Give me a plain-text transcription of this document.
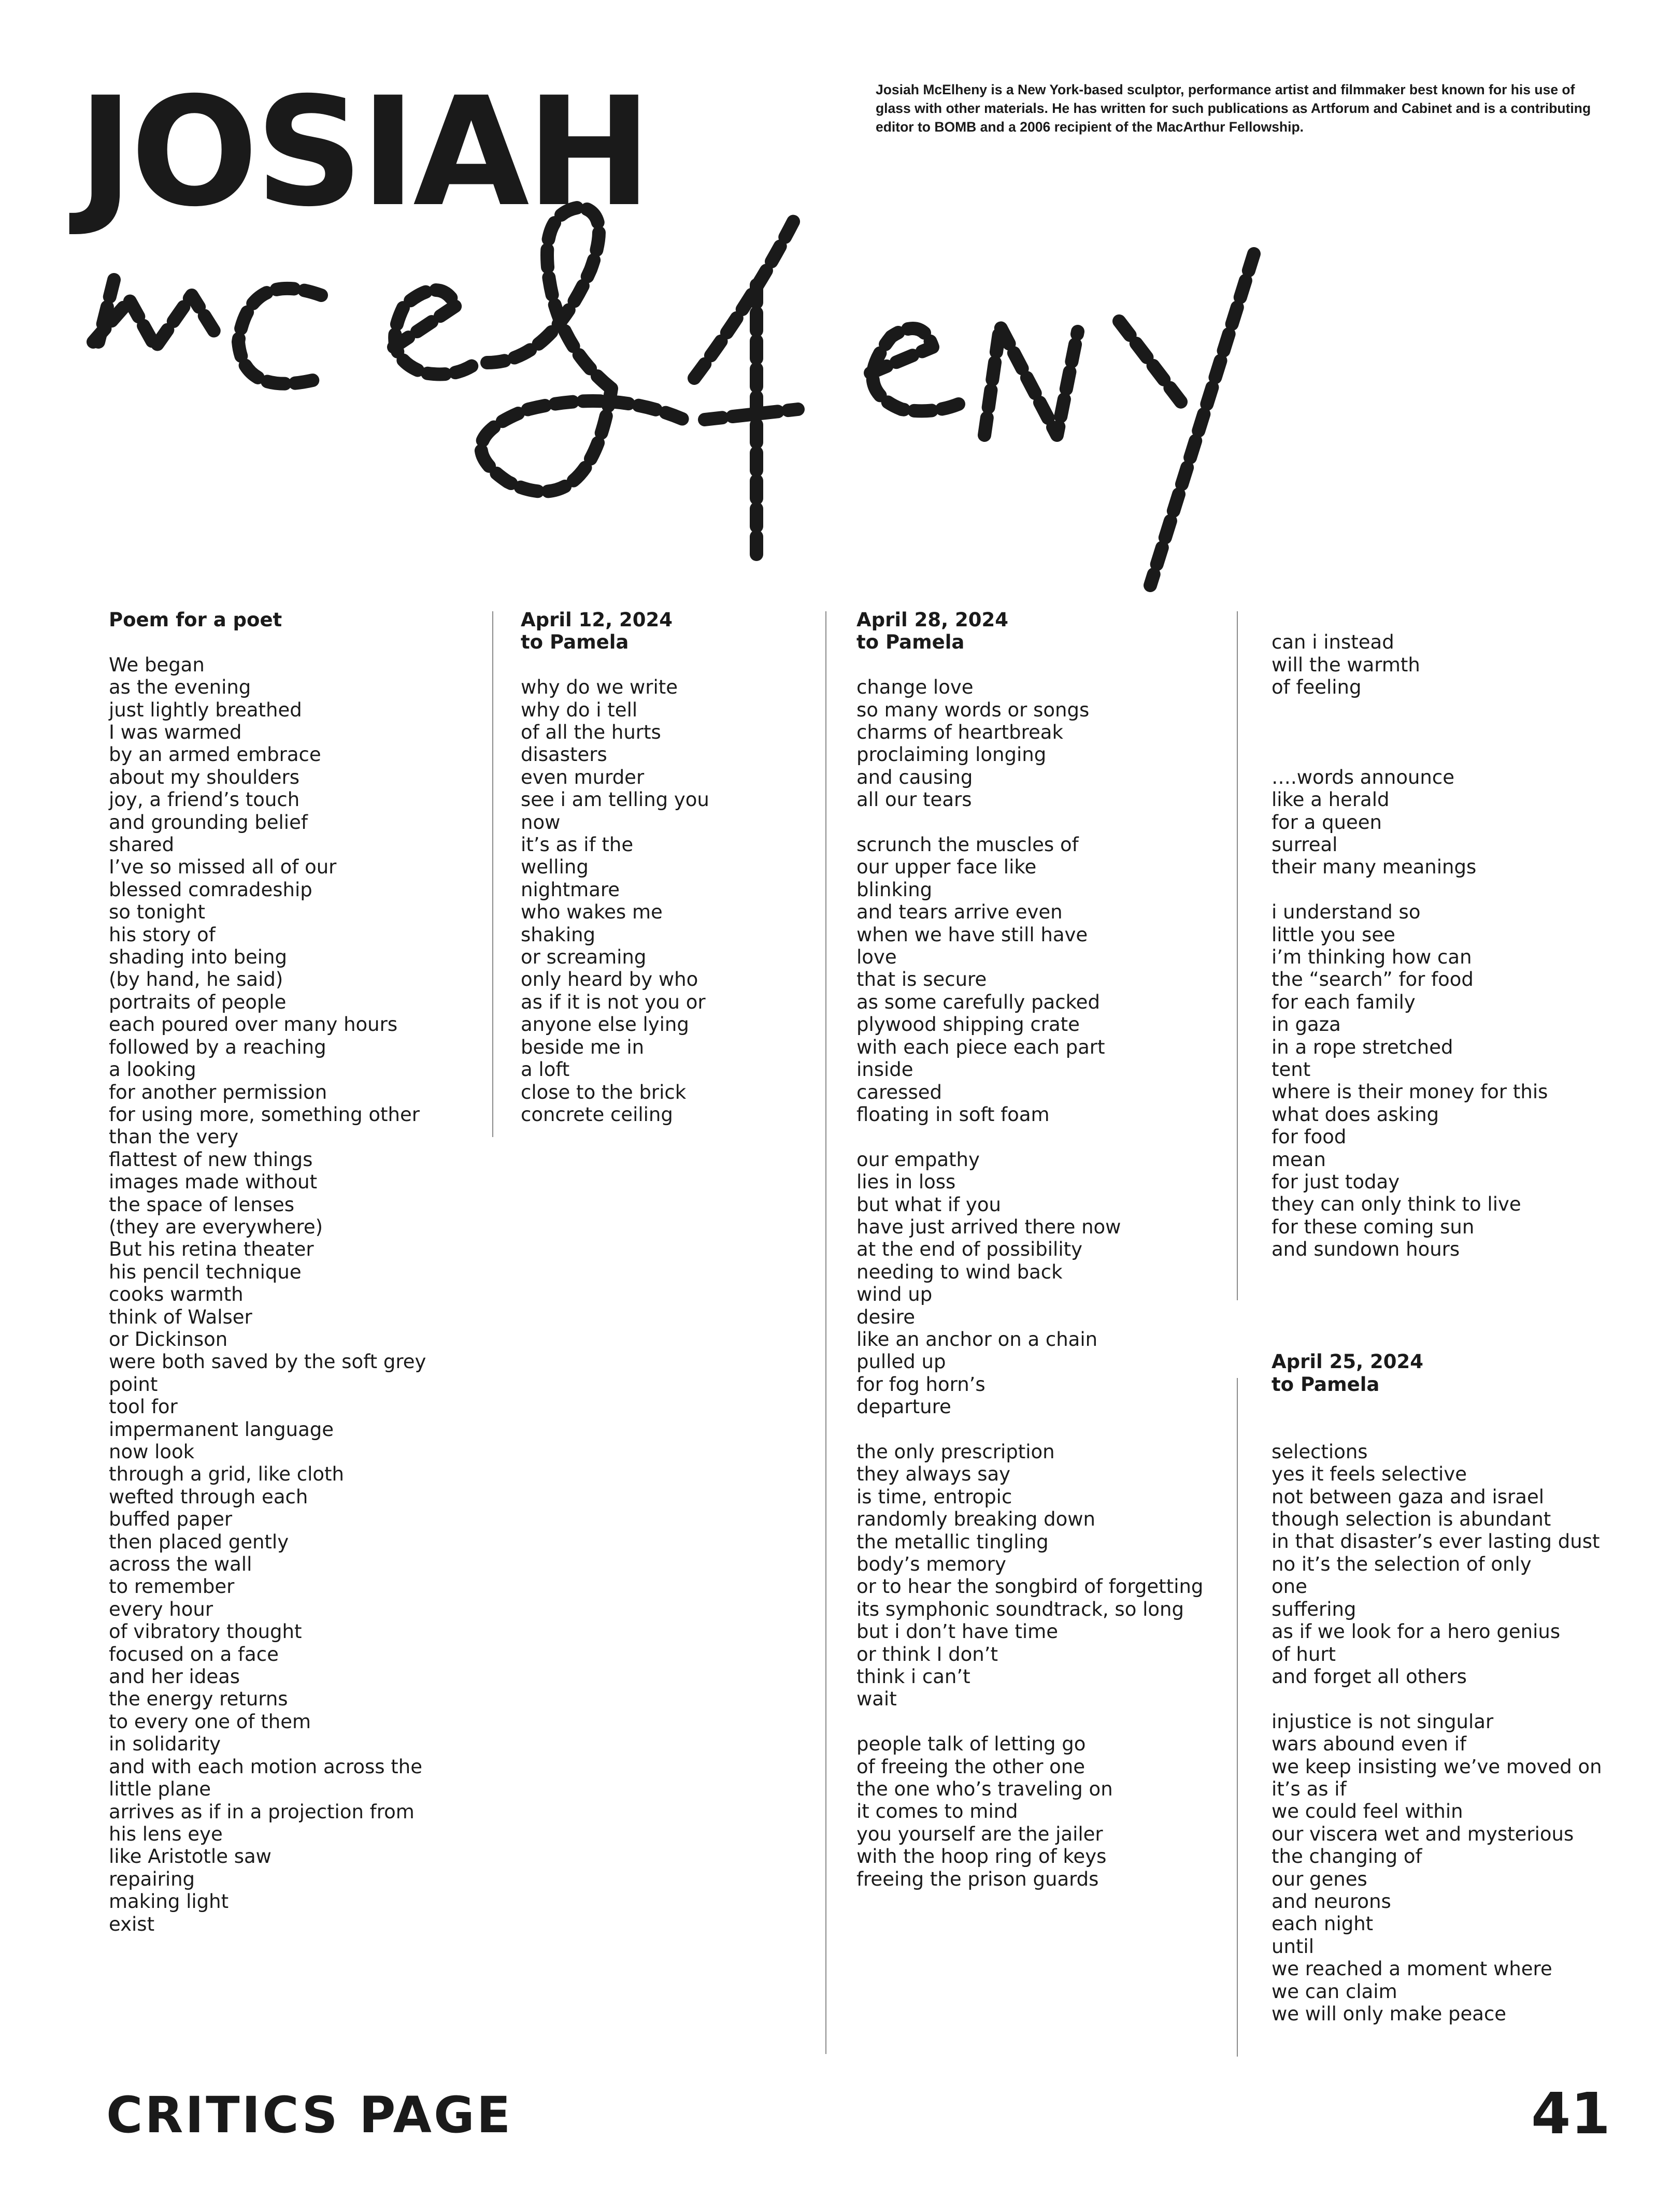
JOSIAH	Josiah McElheny is a New York-based sculptor, performance artist and filmmaker best known for his use of glass with other materials. He has written for such publications as Artforum and Cabinet and is a contributing editor to BOMB and a 2006 recipient of the MacArthur Fellowship.

Poem for a poet

We began
as the evening
just lightly breathed
I was warmed
by an armed embrace
about my shoulders
joy, a friend’s touch
and grounding belief
shared
I’ve so missed all of our
blessed comradeship
so tonight
his story of
shading into being
(by hand, he said)
portraits of people
each poured over many hours
followed by a reaching
a looking
for another permission
for using more, something other
than the very
flattest of new things
images made without
the space of lenses
(they are everywhere)
But his retina theater
his pencil technique
cooks warmth
think of Walser
or Dickinson
were both saved by the soft grey
point
tool for
impermanent language
now look
through a grid, like cloth
wefted through each
buffed paper
then placed gently
across the wall
to remember
every hour
of vibratory thought
focused on a face
and her ideas
the energy returns
to every one of them
in solidarity
and with each motion across the
little plane
arrives as if in a projection from
his lens eye
like Aristotle saw
repairing
making light
exist

April 12, 2024

to Pamela

why do we write
why do i tell
of all the hurts
disasters
even murder
see i am telling you
now
it’s as if the
welling
nightmare
who wakes me
shaking
or screaming
only heard by who
as if it is not you or
anyone else lying
beside me in
a loft
close to the brick
concrete ceiling

April 28, 2024

to Pamela

change love
so many words or songs
charms of heartbreak
proclaiming longing
and causing
all our tears

scrunch the muscles of
our upper face like
blinking
and tears arrive even
when we have still have
love
that is secure
as some carefully packed
plywood shipping crate
with each piece each part
inside
caressed
floating in soft foam

our empathy
lies in loss
but what if you
have just arrived there now
at the end of possibility
needing to wind back
wind up
desire
like an anchor on a chain
pulled up
for fog horn’s
departure

the only prescription
they always say
is time, entropic
randomly breaking down
the metallic tingling
body’s memory
or to hear the songbird of forgetting
its symphonic soundtrack, so long
but i don’t have time
or think I don’t
think i can’t
wait

people talk of letting go
of freeing the other one
the one who’s traveling on
it comes to mind
you yourself are the jailer
with the hoop ring of keys
freeing the prison guards

can i instead
will the warmth
of feeling

….words announce
like a herald
for a queen
surreal
their many meanings

i understand so
little you see
i’m thinking how can
the “search” for food
for each family
in gaza
in a rope stretched
tent
where is their money for this
what does asking
for food
mean
for just today
they can only think to live
for these coming sun
and sundown hours

April 25, 2024

to Pamela

selections
yes it feels selective
not between gaza and israel
though selection is abundant
in that disaster’s ever lasting dust
no it’s the selection of only
one
suffering
as if we look for a hero genius
of hurt
and forget all others

injustice is not singular
wars abound even if
we keep insisting we’ve moved on
it’s as if
we could feel within
our viscera wet and mysterious
the changing of
our genes
and neurons
each night
until
we reached a moment where
we can claim
we will only make peace

CRITICS PAGE	41
